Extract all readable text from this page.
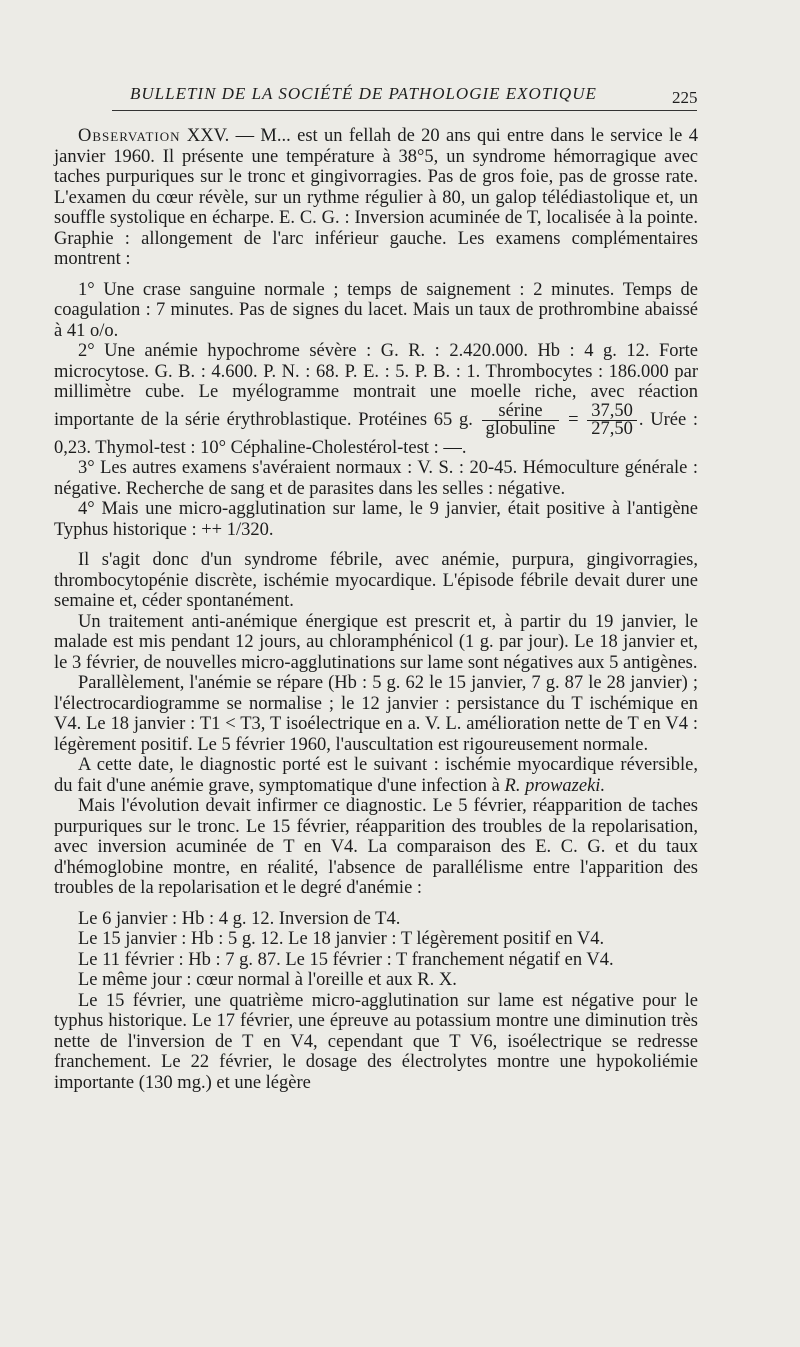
BULLETIN DE LA SOCIÉTÉ DE PATHOLOGIE EXOTIQUE	225

Observation XXV. — M... est un fellah de 20 ans qui entre dans le service le 4 janvier 1960. Il présente une température à 38°5, un syndrome hémorragique avec taches purpuriques sur le tronc et gingivorragies. Pas de gros foie, pas de grosse rate. L'examen du cœur révèle, sur un rythme régulier à 80, un galop télédiastolique et, un souffle systolique en écharpe. E. C. G. : Inversion acuminée de T, localisée à la pointe. Graphie : allongement de l'arc inférieur gauche. Les examens complémentaires montrent :

1° Une crase sanguine normale ; temps de saignement : 2 minutes. Temps de coagulation : 7 minutes. Pas de signes du lacet. Mais un taux de prothrombine abaissé à 41 o/o.

2° Une anémie hypochrome sévère : G. R. : 2.420.000. Hb : 4 g. 12. Forte microcytose. G. B. : 4.600. P. N. : 68. P. E. : 5. P. B. : 1. Thrombocytes : 186.000 par millimètre cube. Le myélogramme montrait une moelle riche, avec réaction importante de la série érythroblastique. Protéines 65 g. $\frac{\text{sérine}}{\text{globuline}} = \frac{37,50}{27,50}$ . Urée : 0,23. Thymol-test : 10° Céphaline-Cholestérol-test : —.

3° Les autres examens s'avéraient normaux : V. S. : 20-45. Hémoculture générale : négative. Recherche de sang et de parasites dans les selles : négative.

4° Mais une micro-agglutination sur lame, le 9 janvier, était positive à l'antigène Typhus historique : ++ 1/320.

Il s'agit donc d'un syndrome fébrile, avec anémie, purpura, gingivorragies, thrombocytopénie discrète, ischémie myocardique. L'épisode fébrile devait durer une semaine et, céder spontanément.

Un traitement anti-anémique énergique est prescrit et, à partir du 19 janvier, le malade est mis pendant 12 jours, au chloramphénicol (1 g. par jour). Le 18 janvier et, le 3 février, de nouvelles micro-agglutinations sur lame sont négatives aux 5 antigènes.

Parallèlement, l'anémie se répare (Hb : 5 g. 62 le 15 janvier, 7 g. 87 le 28 janvier) ; l'électrocardiogramme se normalise ; le 12 janvier : persistance du T ischémique en V4. Le 18 janvier : T1 < T3, T isoélectrique en a. V. L. amélioration nette de T en V4 : légèrement positif. Le 5 février 1960, l'auscultation est rigoureusement normale.

A cette date, le diagnostic porté est le suivant : ischémie myocardique réversible, du fait d'une anémie grave, symptomatique d'une infection à R. prowazeki.

Mais l'évolution devait infirmer ce diagnostic. Le 5 février, réapparition de taches purpuriques sur le tronc. Le 15 février, réapparition des troubles de la repolarisation, avec inversion acuminée de T en V4. La comparaison des E. C. G. et du taux d'hémoglobine montre, en réalité, l'absence de parallélisme entre l'apparition des troubles de la repolarisation et le degré d'anémie :

Le 6 janvier : Hb : 4 g. 12. Inversion de T4.

Le 15 janvier : Hb : 5 g. 12. Le 18 janvier : T légèrement positif en V4.

Le 11 février : Hb : 7 g. 87. Le 15 février : T franchement négatif en V4.

Le même jour : cœur normal à l'oreille et aux R. X.

Le 15 février, une quatrième micro-agglutination sur lame est négative pour le typhus historique. Le 17 février, une épreuve au potassium montre une diminution très nette de l'inversion de T en V4, cependant que T V6, isoélectrique se redresse franchement. Le 22 février, le dosage des électrolytes montre une hypokoliémie importante (130 mg.) et une légère
